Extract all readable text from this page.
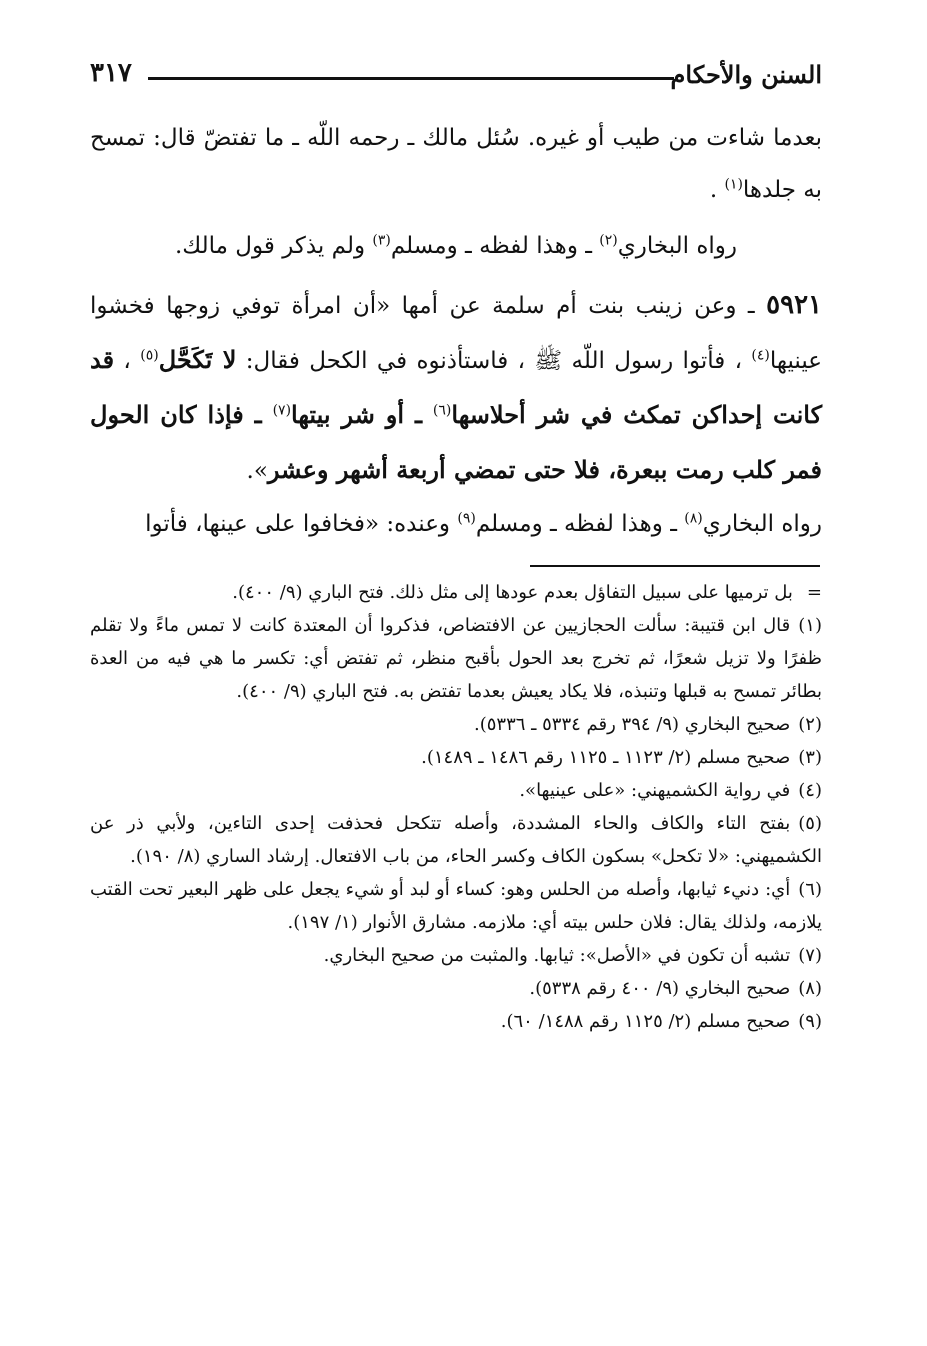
السنن والأحكام
٣١٧

بعدما شاءت من طيب أو غيره. سُئل مالك ـ رحمه اللّه ـ ما تفتضّ قال: تمسح به جلدها$^{(١)}$ .

رواه البخاري$^{(٢)}$ ـ وهذا لفظه ـ ومسلم$^{(٣)}$ ولم يذكر قول مالك.

٥٩٢١ ـ وعن زينب بنت أم سلمة عن أمها «أن امرأة توفي زوجها فخشوا عينيها$^{(٤)}$ ، فأتوا رسول اللّه ﷺ ، فاستأذنوه في الكحل فقال: لا تَكَحَّل$^{(٥)}$ ، قد كانت إحداكن تمكث في شر أحلاسها$^{(٦)}$ ـ أو شر بيتها$^{(٧)}$ ـ فإذا كان الحول فمر كلب رمت ببعرة، فلا حتى تمضي أربعة أشهر وعشر».

رواه البخاري$^{(٨)}$ ـ وهذا لفظه ـ ومسلم$^{(٩)}$ وعنده: «فخافوا على عينها، فأتوا

=بل ترميها على سبيل التفاؤل بعدم عودها إلى مثل ذلك. فتح الباري (٩/ ٤٠٠).

(١)قال ابن قتيبة: سألت الحجازيين عن الافتضاص، فذكروا أن المعتدة كانت لا تمس ماءً ولا تقلم ظفرًا ولا تزيل شعرًا، ثم تخرج بعد الحول بأقبح منظر، ثم تفتض أي: تكسر ما هي فيه من العدة بطائر تمسح به قبلها وتنبذه، فلا يكاد يعيش بعدما تفتض به. فتح الباري (٩/ ٤٠٠).

(٢)صحيح البخاري (٩/ ٣٩٤ رقم ٥٣٣٤ ـ ٥٣٣٦).

(٣)صحيح مسلم (٢/ ١١٢٣ ـ ١١٢٥ رقم ١٤٨٦ ـ ١٤٨٩).

(٤)في رواية الكشميهني: «على عينيها».

(٥)بفتح التاء والكاف والحاء المشددة، وأصله تتكحل فحذفت إحدى التاءين، ولأبي ذر عن الكشميهني: «لا تكحل» بسكون الكاف وكسر الحاء، من باب الافتعال. إرشاد الساري (٨/ ١٩٠).

(٦)أي: دنيء ثيابها، وأصله من الحلس وهو: كساء أو لبد أو شيء يجعل على ظهر البعير تحت القتب يلازمه، ولذلك يقال: فلان حلس بيته أي: ملازمه. مشارق الأنوار (١/ ١٩٧).

(٧)تشبه أن تكون في «الأصل»: ثيابها. والمثبت من صحيح البخاري.

(٨)صحيح البخاري (٩/ ٤٠٠ رقم ٥٣٣٨).

(٩)صحيح مسلم (٢/ ١١٢٥ رقم ١٤٨٨/ ٦٠).
